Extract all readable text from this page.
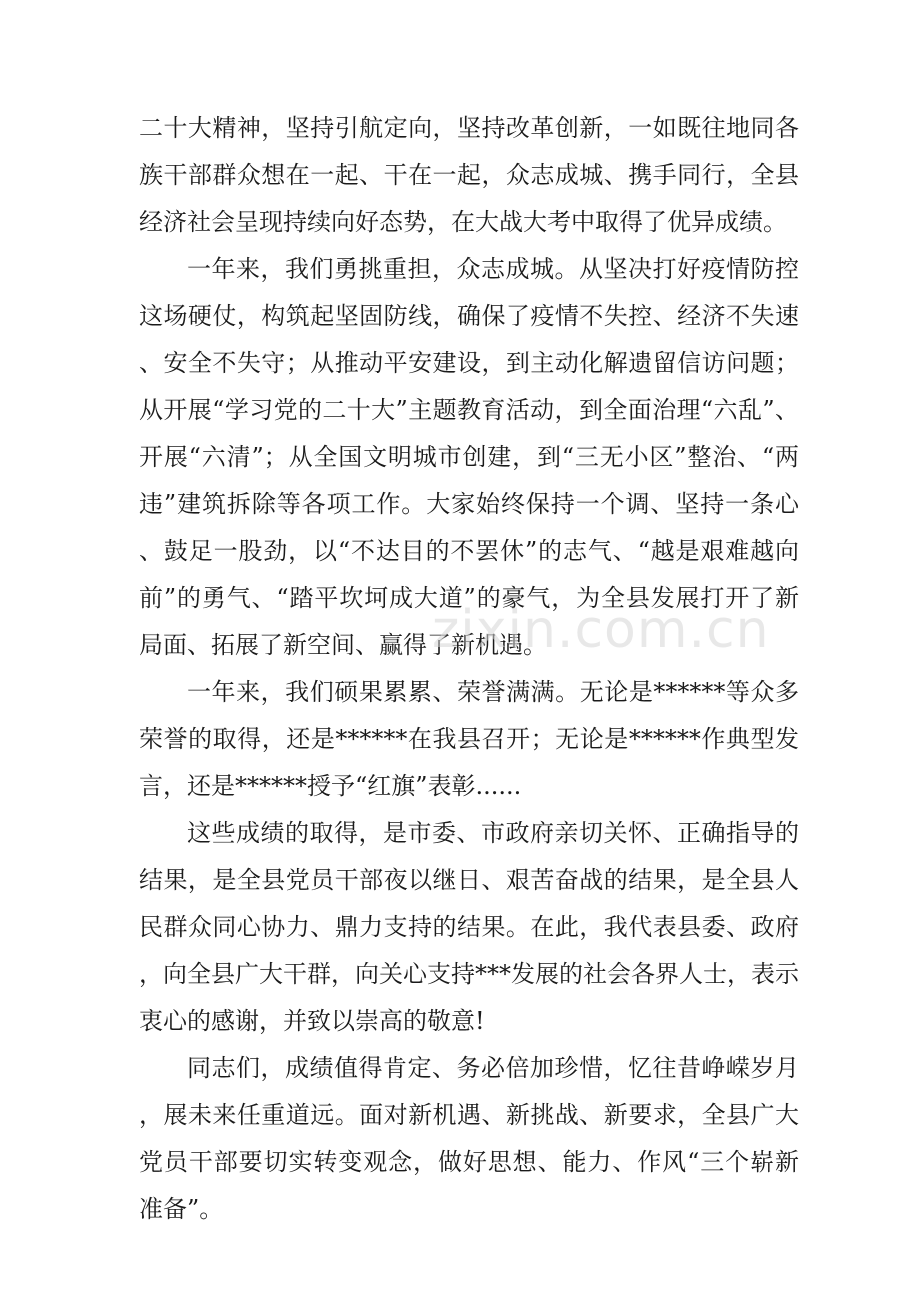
二十大精神，坚持引航定向，坚持改革创新，一如既往地同各族干部群众想在一起、干在一起，众志成城、携手同行，全县经济社会呈现持续向好态势，在大战大考中取得了优异成绩。

一年来，我们勇挑重担，众志成城。从坚决打好疫情防控这场硬仗，构筑起坚固防线，确保了疫情不失控、经济不失速、安全不失守；从推动平安建设，到主动化解遗留信访问题；从开展“学习党的二十大”主题教育活动，到全面治理“六乱”、开展“六清”；从全国文明城市创建，到“三无小区”整治、“两违”建筑拆除等各项工作。大家始终保持一个调、坚持一条心、鼓足一股劲，以“不达目的不罢休”的志气、“越是艰难越向前”的勇气、“踏平坎坷成大道”的豪气，为全县发展打开了新局面、拓展了新空间、赢得了新机遇。

一年来，我们硕果累累、荣誉满满。无论是******等众多荣誉的取得，还是******在我县召开；无论是******作典型发言，还是******授予“红旗”表彰......

这些成绩的取得，是市委、市政府亲切关怀、正确指导的结果，是全县党员干部夜以继日、艰苦奋战的结果，是全县人民群众同心协力、鼎力支持的结果。在此，我代表县委、政府，向全县广大干群，向关心支持***发展的社会各界人士，表示衷心的感谢，并致以崇高的敬意!

同志们，成绩值得肯定、务必倍加珍惜，忆往昔峥嵘岁月，展未来任重道远。面对新机遇、新挑战、新要求，全县广大党员干部要切实转变观念，做好思想、能力、作风“三个崭新准备”。

zixin.com.cn
